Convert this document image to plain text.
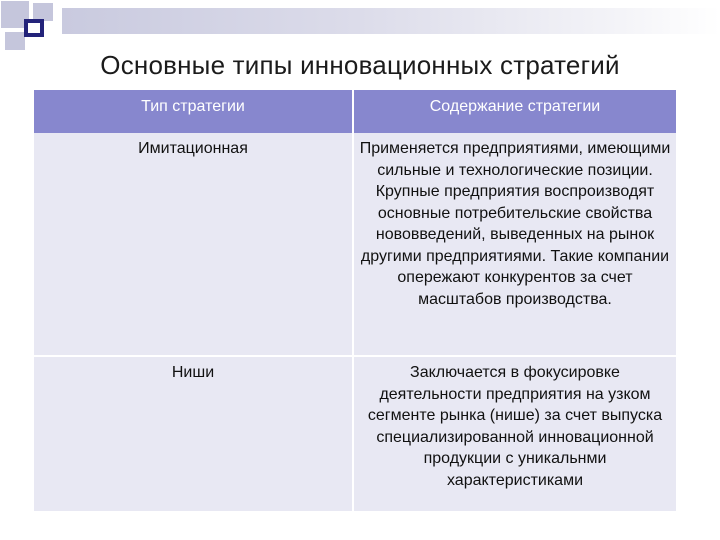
Основные типы инновационных стратегий
Тип стратегии	Содержание стратегии
Имитационная	Применяется предприятиями, имеющими сильные и технологические позиции. Крупные предприятия воспроизводят основные потребительские свойства нововведений, выведенных на рынок другими предприятиями. Такие компании опережают конкурентов за счет масштабов производства.
Ниши	Заключается в фокусировке деятельности предприятия на узком сегменте рынка (нише) за счет выпуска специализированной инновационной продукции с уникальнми характеристиками
